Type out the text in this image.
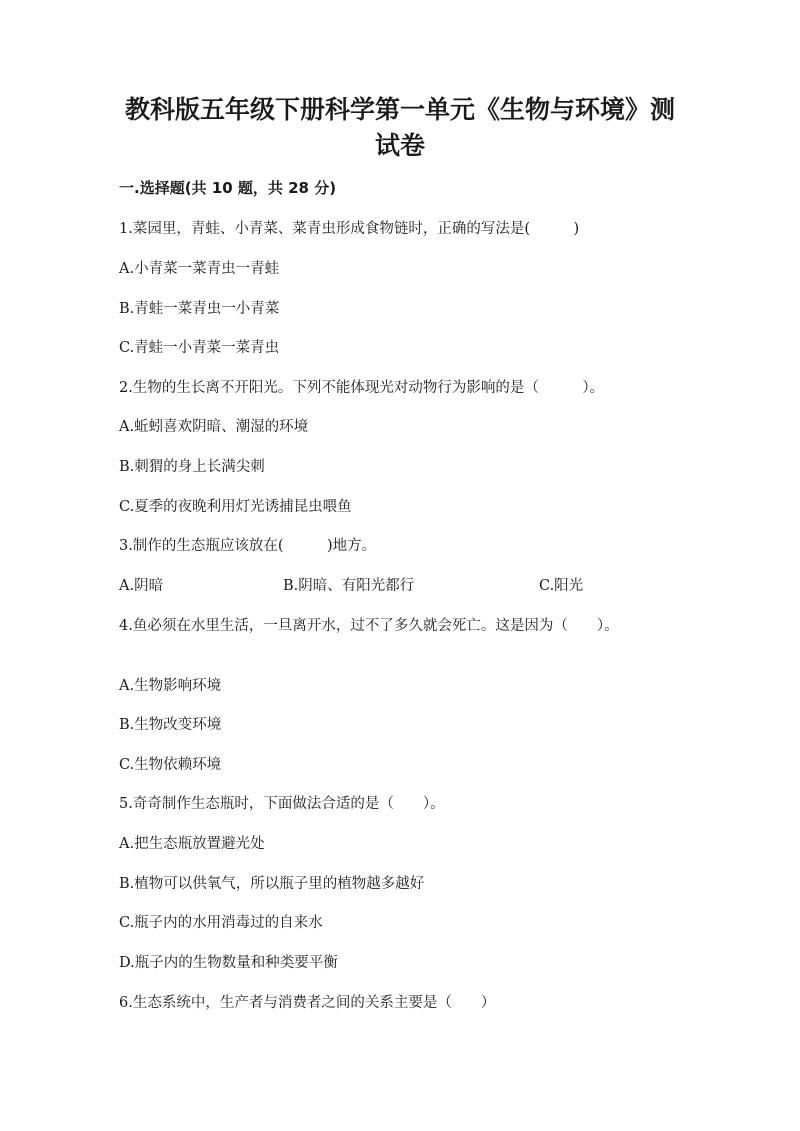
教科版五年级下册科学第一单元《生物与环境》测
试卷
一.选择题(共 10 题，共 28 分)
1.菜园里，青蛙、小青菜、菜青虫形成食物链时，正确的写法是(　　　)
A.小青菜一菜青虫一青蛙
B.青蛙一菜青虫一小青菜
C.青蛙一小青菜一菜青虫
2.生物的生长离不开阳光。下列不能体现光对动物行为影响的是（　　　）。
A.蚯蚓喜欢阴暗、潮湿的环境
B.刺猬的身上长满尖刺
C.夏季的夜晚利用灯光诱捕昆虫喂鱼
3.制作的生态瓶应该放在(　　　)地方。
A.阴暗	B.阴暗、有阳光都行	C.阳光
4.鱼必须在水里生活，一旦离开水，过不了多久就会死亡。这是因为（　　）。
A.生物影响环境
B.生物改变环境
C.生物依赖环境
5.奇奇制作生态瓶时，下面做法合适的是（　　）。
A.把生态瓶放置避光处
B.植物可以供氧气，所以瓶子里的植物越多越好
C.瓶子内的水用消毒过的自来水
D.瓶子内的生物数量和种类要平衡
6.生态系统中，生产者与消费者之间的关系主要是（　　）
